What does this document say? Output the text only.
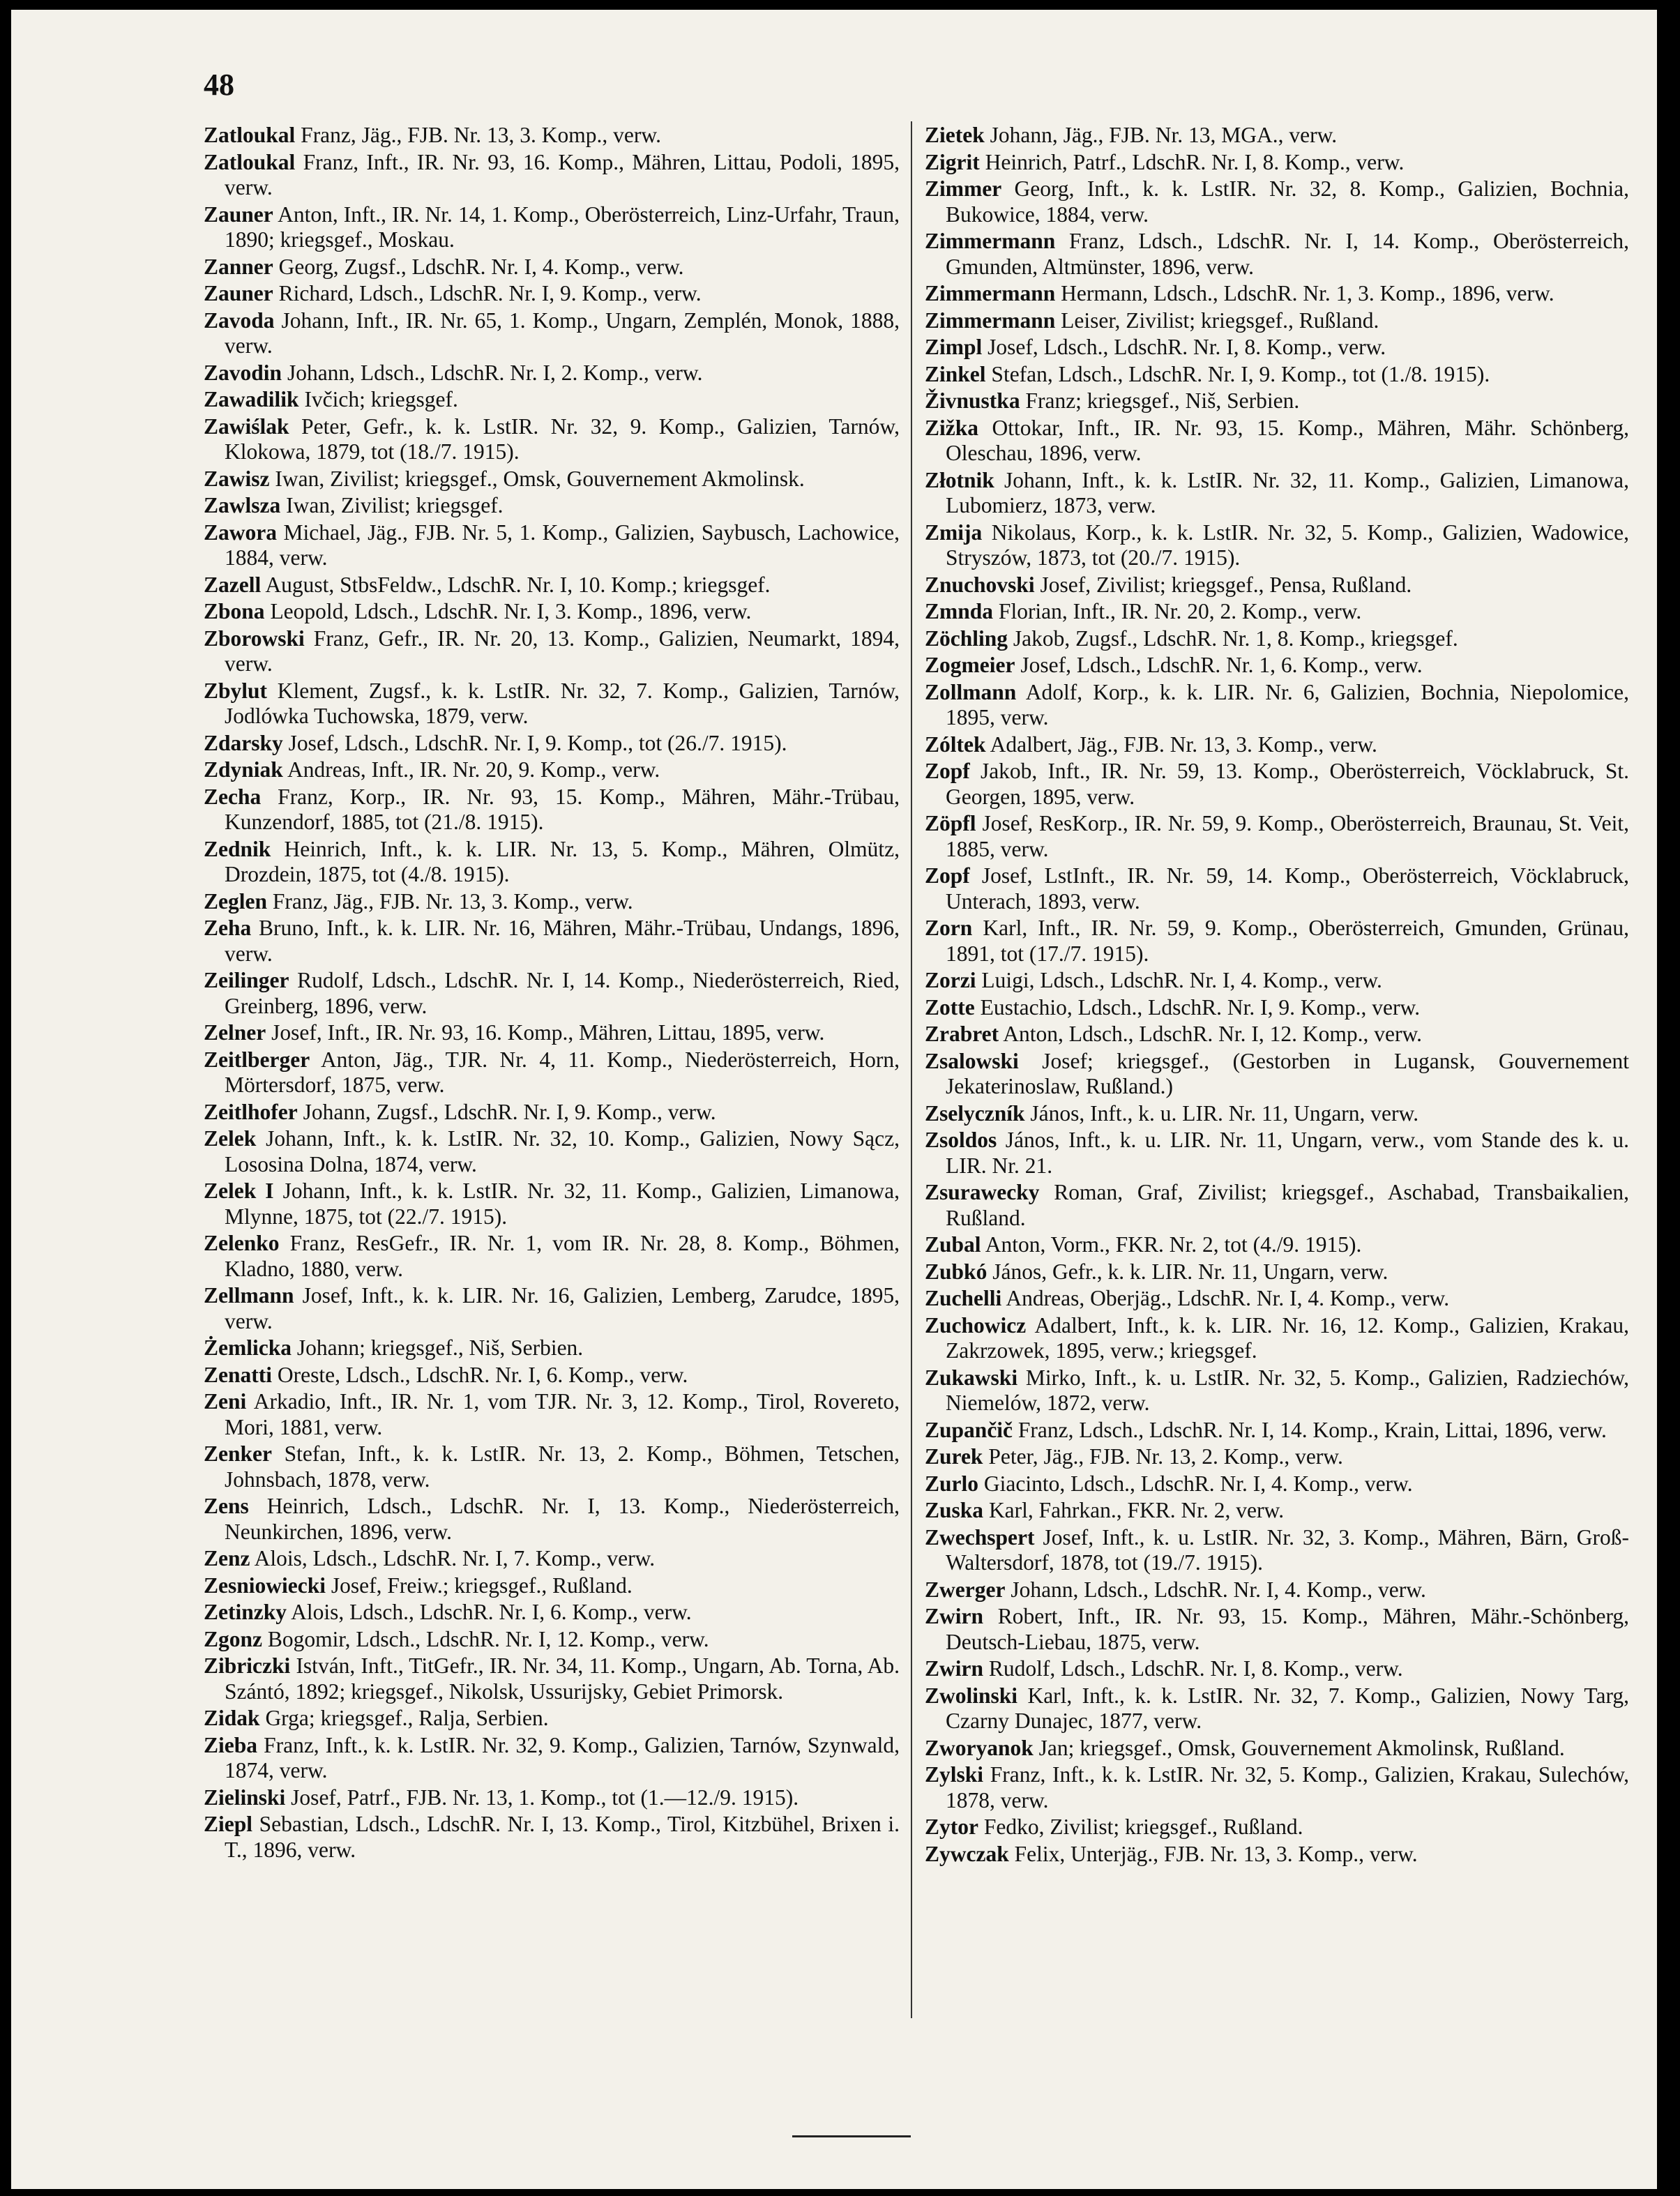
48

Zatloukal Franz, Jäg., FJB. Nr. 13, 3. Komp., verw.

Zatloukal Franz, Inft., IR. Nr. 93, 16. Komp., Mähren, Littau, Podoli, 1895, verw.

Zauner Anton, Inft., IR. Nr. 14, 1. Komp., Oberösterreich, Linz-Urfahr, Traun, 1890; kriegsgef., Moskau.

Zanner Georg, Zugsf., LdschR. Nr. I, 4. Komp., verw.

Zauner Richard, Ldsch., LdschR. Nr. I, 9. Komp., verw.

Zavoda Johann, Inft., IR. Nr. 65, 1. Komp., Ungarn, Zemplén, Monok, 1888, verw.

Zavodin Johann, Ldsch., LdschR. Nr. I, 2. Komp., verw.

Zawadilik Ivčich; kriegsgef.

Zawiślak Peter, Gefr., k. k. LstIR. Nr. 32, 9. Komp., Galizien, Tarnów, Klokowa, 1879, tot (18./7. 1915).

Zawisz Iwan, Zivilist; kriegsgef., Omsk, Gouvernement Akmolinsk.

Zawlsza Iwan, Zivilist; kriegsgef.

Zawora Michael, Jäg., FJB. Nr. 5, 1. Komp., Galizien, Saybusch, Lachowice, 1884, verw.

Zazell August, StbsFeldw., LdschR. Nr. I, 10. Komp.; kriegsgef.

Zbona Leopold, Ldsch., LdschR. Nr. I, 3. Komp., 1896, verw.

Zborowski Franz, Gefr., IR. Nr. 20, 13. Komp., Galizien, Neumarkt, 1894, verw.

Zbylut Klement, Zugsf., k. k. LstIR. Nr. 32, 7. Komp., Galizien, Tarnów, Jodlówka Tuchowska, 1879, verw.

Zdarsky Josef, Ldsch., LdschR. Nr. I, 9. Komp., tot (26./7. 1915).

Zdyniak Andreas, Inft., IR. Nr. 20, 9. Komp., verw.

Zecha Franz, Korp., IR. Nr. 93, 15. Komp., Mähren, Mähr.-Trübau, Kunzendorf, 1885, tot (21./8. 1915).

Zednik Heinrich, Inft., k. k. LIR. Nr. 13, 5. Komp., Mähren, Olmütz, Drozdein, 1875, tot (4./8. 1915).

Zeglen Franz, Jäg., FJB. Nr. 13, 3. Komp., verw.

Zeha Bruno, Inft., k. k. LIR. Nr. 16, Mähren, Mähr.-Trübau, Undangs, 1896, verw.

Zeilinger Rudolf, Ldsch., LdschR. Nr. I, 14. Komp., Niederösterreich, Ried, Greinberg, 1896, verw.

Zelner Josef, Inft., IR. Nr. 93, 16. Komp., Mähren, Littau, 1895, verw.

Zeitlberger Anton, Jäg., TJR. Nr. 4, 11. Komp., Niederösterreich, Horn, Mörtersdorf, 1875, verw.

Zeitlhofer Johann, Zugsf., LdschR. Nr. I, 9. Komp., verw.

Zelek Johann, Inft., k. k. LstIR. Nr. 32, 10. Komp., Galizien, Nowy Sącz, Lososina Dolna, 1874, verw.

Zelek I Johann, Inft., k. k. LstIR. Nr. 32, 11. Komp., Galizien, Limanowa, Mlynne, 1875, tot (22./7. 1915).

Zelenko Franz, ResGefr., IR. Nr. 1, vom IR. Nr. 28, 8. Komp., Böhmen, Kladno, 1880, verw.

Zellmann Josef, Inft., k. k. LIR. Nr. 16, Galizien, Lemberg, Zarudce, 1895, verw.

Żemlicka Johann; kriegsgef., Niš, Serbien.

Zenatti Oreste, Ldsch., LdschR. Nr. I, 6. Komp., verw.

Zeni Arkadio, Inft., IR. Nr. 1, vom TJR. Nr. 3, 12. Komp., Tirol, Rovereto, Mori, 1881, verw.

Zenker Stefan, Inft., k. k. LstIR. Nr. 13, 2. Komp., Böhmen, Tetschen, Johnsbach, 1878, verw.

Zens Heinrich, Ldsch., LdschR. Nr. I, 13. Komp., Niederösterreich, Neunkirchen, 1896, verw.

Zenz Alois, Ldsch., LdschR. Nr. I, 7. Komp., verw.

Zesniowiecki Josef, Freiw.; kriegsgef., Rußland.

Zetinzky Alois, Ldsch., LdschR. Nr. I, 6. Komp., verw.

Zgonz Bogomir, Ldsch., LdschR. Nr. I, 12. Komp., verw.

Zibriczki István, Inft., TitGefr., IR. Nr. 34, 11. Komp., Ungarn, Ab. Torna, Ab. Szántó, 1892; kriegsgef., Nikolsk, Ussurijsky, Gebiet Primorsk.

Zidak Grga; kriegsgef., Ralja, Serbien.

Zieba Franz, Inft., k. k. LstIR. Nr. 32, 9. Komp., Galizien, Tarnów, Szynwald, 1874, verw.

Zielinski Josef, Patrf., FJB. Nr. 13, 1. Komp., tot (1.—12./9. 1915).

Ziepl Sebastian, Ldsch., LdschR. Nr. I, 13. Komp., Tirol, Kitzbühel, Brixen i. T., 1896, verw.

Zietek Johann, Jäg., FJB. Nr. 13, MGA., verw.

Zigrit Heinrich, Patrf., LdschR. Nr. I, 8. Komp., verw.

Zimmer Georg, Inft., k. k. LstIR. Nr. 32, 8. Komp., Galizien, Bochnia, Bukowice, 1884, verw.

Zimmermann Franz, Ldsch., LdschR. Nr. I, 14. Komp., Oberösterreich, Gmunden, Altmünster, 1896, verw.

Zimmermann Hermann, Ldsch., LdschR. Nr. 1, 3. Komp., 1896, verw.

Zimmermann Leiser, Zivilist; kriegsgef., Rußland.

Zimpl Josef, Ldsch., LdschR. Nr. I, 8. Komp., verw.

Zinkel Stefan, Ldsch., LdschR. Nr. I, 9. Komp., tot (1./8. 1915).

Živnustka Franz; kriegsgef., Niš, Serbien.

Zižka Ottokar, Inft., IR. Nr. 93, 15. Komp., Mähren, Mähr. Schönberg, Oleschau, 1896, verw.

Złotnik Johann, Inft., k. k. LstIR. Nr. 32, 11. Komp., Galizien, Limanowa, Lubomierz, 1873, verw.

Zmija Nikolaus, Korp., k. k. LstIR. Nr. 32, 5. Komp., Galizien, Wadowice, Stryszów, 1873, tot (20./7. 1915).

Znuchovski Josef, Zivilist; kriegsgef., Pensa, Rußland.

Zmnda Florian, Inft., IR. Nr. 20, 2. Komp., verw.

Zöchling Jakob, Zugsf., LdschR. Nr. 1, 8. Komp., kriegsgef.

Zogmeier Josef, Ldsch., LdschR. Nr. 1, 6. Komp., verw.

Zollmann Adolf, Korp., k. k. LIR. Nr. 6, Galizien, Bochnia, Niepolomice, 1895, verw.

Zóltek Adalbert, Jäg., FJB. Nr. 13, 3. Komp., verw.

Zopf Jakob, Inft., IR. Nr. 59, 13. Komp., Oberösterreich, Vöcklabruck, St. Georgen, 1895, verw.

Zöpfl Josef, ResKorp., IR. Nr. 59, 9. Komp., Oberösterreich, Braunau, St. Veit, 1885, verw.

Zopf Josef, LstInft., IR. Nr. 59, 14. Komp., Oberösterreich, Vöcklabruck, Unterach, 1893, verw.

Zorn Karl, Inft., IR. Nr. 59, 9. Komp., Oberösterreich, Gmunden, Grünau, 1891, tot (17./7. 1915).

Zorzi Luigi, Ldsch., LdschR. Nr. I, 4. Komp., verw.

Zotte Eustachio, Ldsch., LdschR. Nr. I, 9. Komp., verw.

Zrabret Anton, Ldsch., LdschR. Nr. I, 12. Komp., verw.

Zsalowski Josef; kriegsgef., (Gestorben in Lugansk, Gouvernement Jekaterinoslaw, Rußland.)

Zselyczník János, Inft., k. u. LIR. Nr. 11, Ungarn, verw.

Zsoldos János, Inft., k. u. LIR. Nr. 11, Ungarn, verw., vom Stande des k. u. LIR. Nr. 21.

Zsuraweckу Roman, Graf, Zivilist; kriegsgef., Aschabad, Transbaikalien, Rußland.

Zubal Anton, Vorm., FKR. Nr. 2, tot (4./9. 1915).

Zubkó János, Gefr., k. k. LIR. Nr. 11, Ungarn, verw.

Zuchelli Andreas, Oberjäg., LdschR. Nr. I, 4. Komp., verw.

Zuchowicz Adalbert, Inft., k. k. LIR. Nr. 16, 12. Komp., Galizien, Krakau, Zakrzowek, 1895, verw.; kriegsgef.

Zukawski Mirko, Inft., k. u. LstIR. Nr. 32, 5. Komp., Galizien, Radziechów, Niemelów, 1872, verw.

Zupančič Franz, Ldsch., LdschR. Nr. I, 14. Komp., Krain, Littai, 1896, verw.

Zurek Peter, Jäg., FJB. Nr. 13, 2. Komp., verw.

Zurlo Giacinto, Ldsch., LdschR. Nr. I, 4. Komp., verw.

Zuska Karl, Fahrkan., FKR. Nr. 2, verw.

Zwechspert Josef, Inft., k. u. LstIR. Nr. 32, 3. Komp., Mähren, Bärn, Groß-Waltersdorf, 1878, tot (19./7. 1915).

Zwerger Johann, Ldsch., LdschR. Nr. I, 4. Komp., verw.

Zwirn Robert, Inft., IR. Nr. 93, 15. Komp., Mähren, Mähr.-Schönberg, Deutsch-Liebau, 1875, verw.

Zwirn Rudolf, Ldsch., LdschR. Nr. I, 8. Komp., verw.

Zwolinski Karl, Inft., k. k. LstIR. Nr. 32, 7. Komp., Galizien, Nowy Targ, Czarny Dunajec, 1877, verw.

Zworyanok Jan; kriegsgef., Omsk, Gouvernement Akmolinsk, Rußland.

Zylski Franz, Inft., k. k. LstIR. Nr. 32, 5. Komp., Galizien, Krakau, Sulechów, 1878, verw.

Zytor Fedko, Zivilist; kriegsgef., Rußland.

Zywczak Felix, Unterjäg., FJB. Nr. 13, 3. Komp., verw.
